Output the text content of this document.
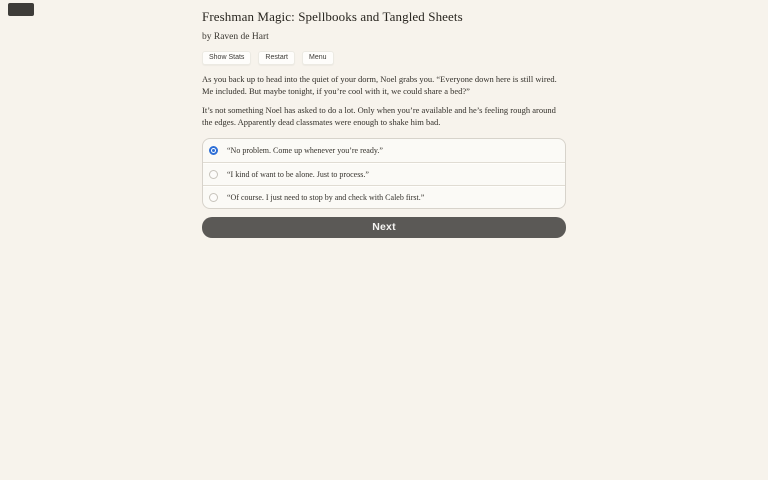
Freshman Magic: Spellbooks and Tangled Sheets
by Raven de Hart
Show Stats	Restart	Menu

As you back up to head into the quiet of your dorm, Noel grabs you. “Everyone down here is still wired. Me included. But maybe tonight, if you’re cool with it, we could share a bed?”

It’s not something Noel has asked to do a lot. Only when you’re available and he’s feeling rough around the edges. Apparently dead classmates were enough to shake him bad.

“No problem. Come up whenever you’re ready.”
“I kind of want to be alone. Just to process.”
“Of course. I just need to stop by and check with Caleb first.”
Next
